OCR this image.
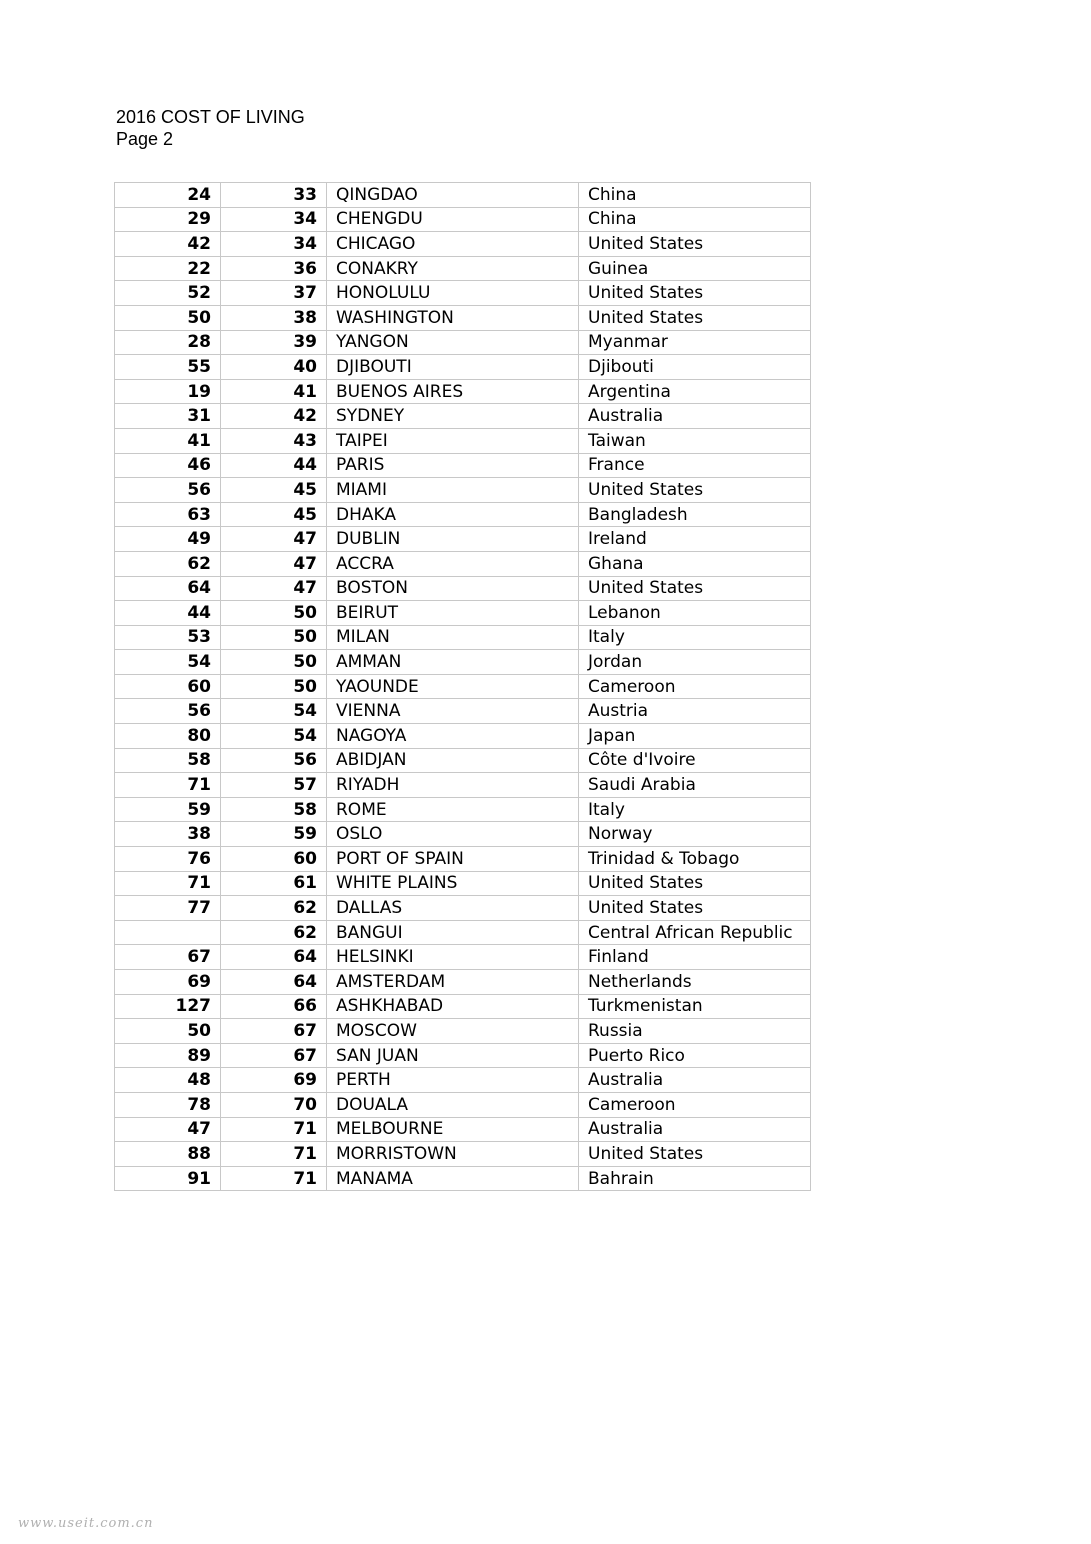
2016 COST OF LIVING
Page 2
24	33	QINGDAO	China
29	34	CHENGDU	China
42	34	CHICAGO	United States
22	36	CONAKRY	Guinea
52	37	HONOLULU	United States
50	38	WASHINGTON	United States
28	39	YANGON	Myanmar
55	40	DJIBOUTI	Djibouti
19	41	BUENOS AIRES	Argentina
31	42	SYDNEY	Australia
41	43	TAIPEI	Taiwan
46	44	PARIS	France
56	45	MIAMI	United States
63	45	DHAKA	Bangladesh
49	47	DUBLIN	Ireland
62	47	ACCRA	Ghana
64	47	BOSTON	United States
44	50	BEIRUT	Lebanon
53	50	MILAN	Italy
54	50	AMMAN	Jordan
60	50	YAOUNDE	Cameroon
56	54	VIENNA	Austria
80	54	NAGOYA	Japan
58	56	ABIDJAN	Côte d'Ivoire
71	57	RIYADH	Saudi Arabia
59	58	ROME	Italy
38	59	OSLO	Norway
76	60	PORT OF SPAIN	Trinidad & Tobago
71	61	WHITE PLAINS	United States
77	62	DALLAS	United States
	62	BANGUI	Central African Republic
67	64	HELSINKI	Finland
69	64	AMSTERDAM	Netherlands
127	66	ASHKHABAD	Turkmenistan
50	67	MOSCOW	Russia
89	67	SAN JUAN	Puerto Rico
48	69	PERTH	Australia
78	70	DOUALA	Cameroon
47	71	MELBOURNE	Australia
88	71	MORRISTOWN	United States
91	71	MANAMA	Bahrain
www.useit.com.cn
